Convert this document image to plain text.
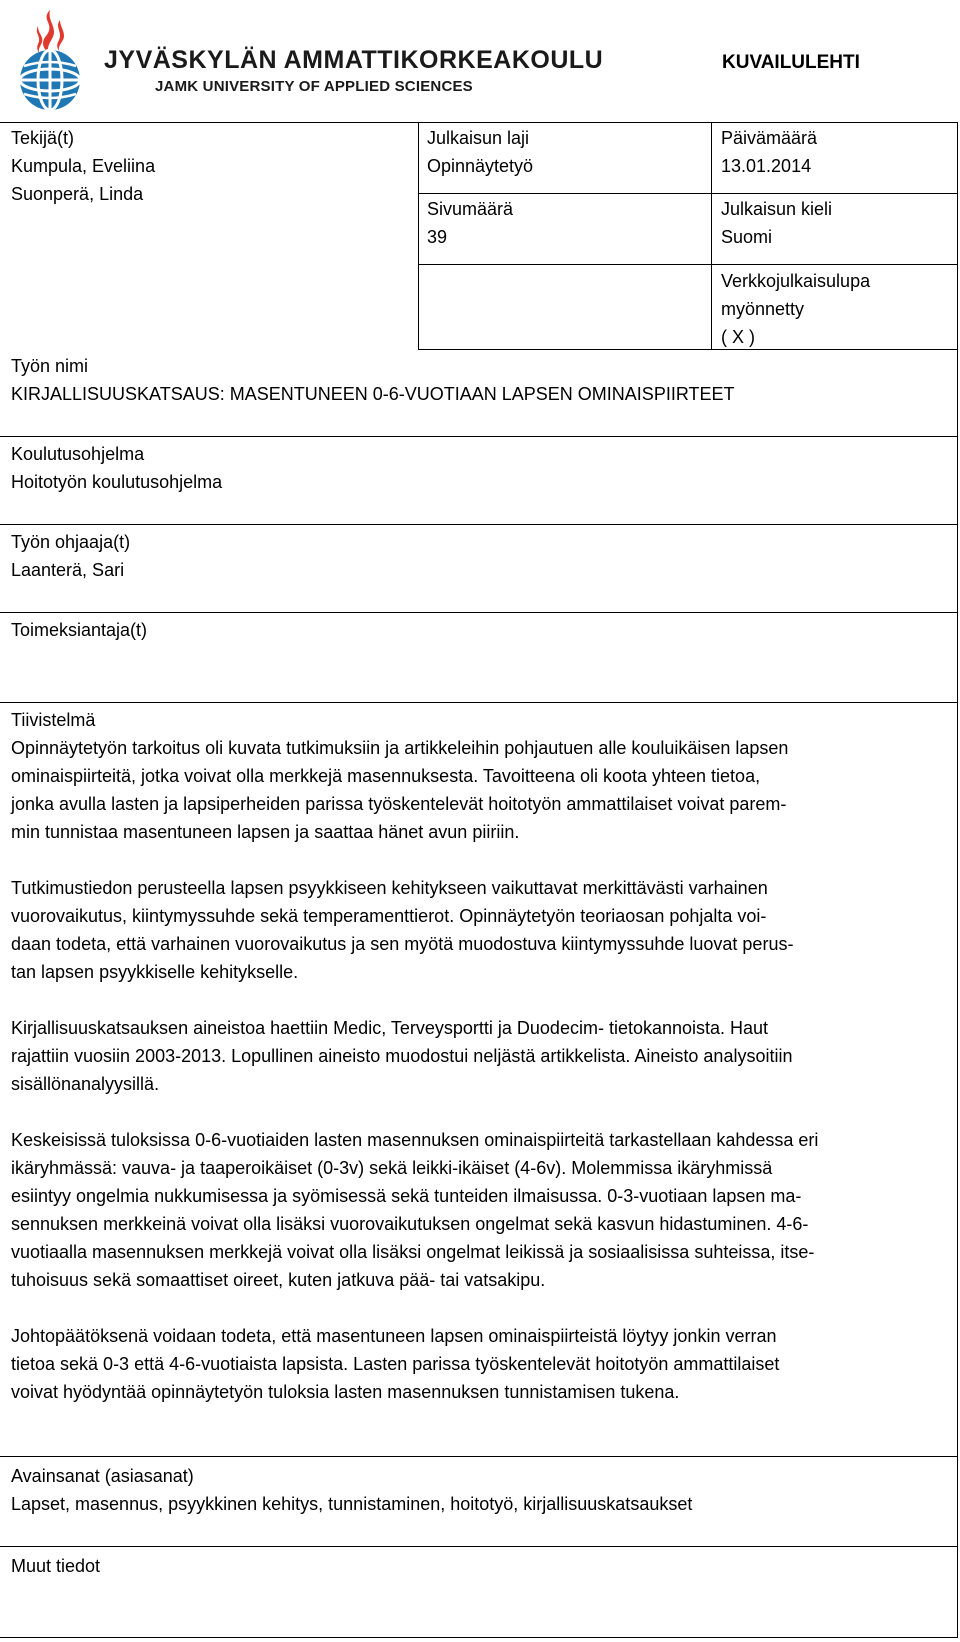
JYVÄSKYLÄN AMMATTIKORKEAKOULU
JAMK UNIVERSITY OF APPLIED SCIENCES
KUVAILULEHTI
Tekijä(t)
Kumpula, Eveliina
Suonperä, Linda
Julkaisun laji
Opinnäytetyö
Sivumäärä
39
Päivämäärä
13.01.2014
Julkaisun kieli
Suomi
Verkkojulkaisulupa
myönnetty
( X )
Työn nimi
KIRJALLISUUSKATSAUS: MASENTUNEEN 0-6-VUOTIAAN LAPSEN OMINAISPIIRTEET
Koulutusohjelma
Hoitotyön koulutusohjelma
Työn ohjaaja(t)
Laanterä, Sari
Toimeksiantaja(t)
Tiivistelmä

Opinnäytetyön tarkoitus oli kuvata tutkimuksiin ja artikkeleihin pohjautuen alle kouluikäisen lapsen
ominaispiirteitä, jotka voivat olla merkkejä masennuksesta. Tavoitteena oli koota yhteen tietoa,
jonka avulla lasten ja lapsiperheiden parissa työskentelevät hoitotyön ammattilaiset voivat parem-
min tunnistaa masentuneen lapsen ja saattaa hänet avun piiriin.

Tutkimustiedon perusteella lapsen psyykkiseen kehitykseen vaikuttavat merkittävästi varhainen
vuorovaikutus, kiintymyssuhde sekä temperamenttierot. Opinnäytetyön teoriaosan pohjalta voi-
daan todeta, että varhainen vuorovaikutus ja sen myötä muodostuva kiintymyssuhde luovat perus-
tan lapsen psyykkiselle kehitykselle.

Kirjallisuuskatsauksen aineistoa haettiin Medic, Terveysportti ja Duodecim- tietokannoista. Haut
rajattiin vuosiin 2003-2013. Lopullinen aineisto muodostui neljästä artikkelista. Aineisto analysoitiin
sisällönanalyysillä.

Keskeisissä tuloksissa 0-6-vuotiaiden lasten masennuksen ominaispiirteitä tarkastellaan kahdessa eri
ikäryhmässä: vauva- ja taaperoikäiset (0-3v) sekä leikki-ikäiset (4-6v). Molemmissa ikäryhmissä
esiintyy ongelmia nukkumisessa ja syömisessä sekä tunteiden ilmaisussa. 0-3-vuotiaan lapsen ma-
sennuksen merkkeinä voivat olla lisäksi vuorovaikutuksen ongelmat sekä kasvun hidastuminen. 4-6-
vuotiaalla masennuksen merkkejä voivat olla lisäksi ongelmat leikissä ja sosiaalisissa suhteissa, itse-
tuhoisuus sekä somaattiset oireet, kuten jatkuva pää- tai vatsakipu.

Johtopäätöksenä voidaan todeta, että masentuneen lapsen ominaispiirteistä löytyy jonkin verran
tietoa sekä 0-3 että 4-6-vuotiaista lapsista. Lasten parissa työskentelevät hoitotyön ammattilaiset
voivat hyödyntää opinnäytetyön tuloksia lasten masennuksen tunnistamisen tukena.

Avainsanat (asiasanat)
Lapset, masennus, psyykkinen kehitys, tunnistaminen, hoitotyö, kirjallisuuskatsaukset
Muut tiedot
